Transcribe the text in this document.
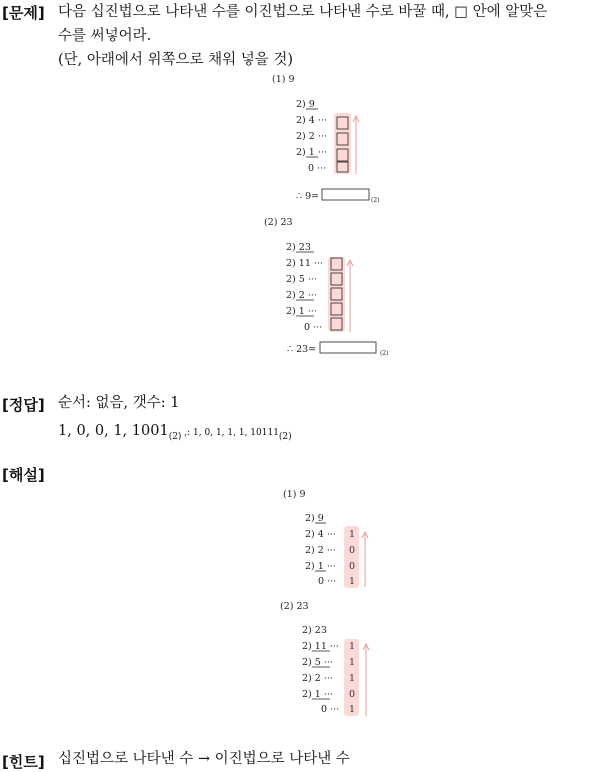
[문제] 다음 십진법으로 나타낸 수를 이진법으로 나타낸 수로 바꿀 때, □ 안에 알맞은
수를 써넣어라.
(단, 아래에서 위쪽으로 채워 넣을 것)
(1) 9
2) 9
2) 4 ···
2) 2 ···
2) 1 ···
0 ···
∴ 9=	(2)
(2) 23
2) 23
2) 11 ···
2) 5 ···
2) 2 ···
2) 1 ···
0 ···
∴ 23=	(2)
(1) 9
2) 9
2) 4 ···
2) 2 ···
2) 1 ···
0 ···
1
0
0
1
(2) 23
2) 23
2) 11 ···
2) 5 ···
2) 2 ···
2) 1 ···
0 ···
1
1
1
0
1
[정답] 순서: 없음, 갯수: 1
1, 0, 0, 1, $1001_{(2)}$ ,: 1, 0, 1, 1, 1, $10111_{(2)}$
[해설]
[힌트] 십진법으로 나타낸 수 → 이진법으로 나타낸 수
